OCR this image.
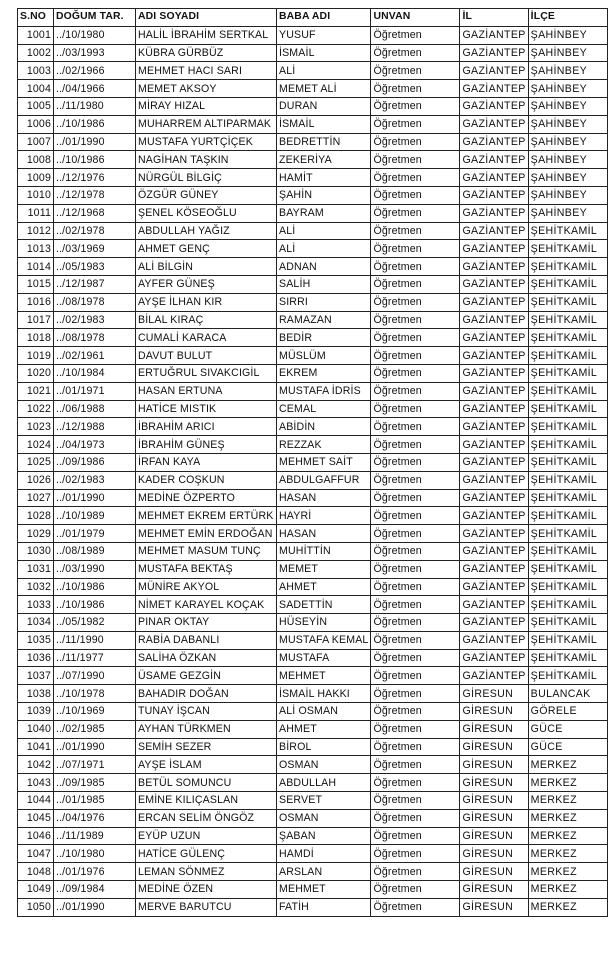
S.NO	DOĞUM TAR.	ADI SOYADI	BABA ADI	UNVAN	İL	İLÇE
1001	../10/1980	HALİL İBRAHİM SERTKAL	YUSUF	Öğretmen	GAZİANTEP	ŞAHİNBEY
1002	../03/1993	KÜBRA GÜRBÜZ	İSMAİL	Öğretmen	GAZİANTEP	ŞAHİNBEY
1003	../02/1966	MEHMET HACI SARI	ALİ	Öğretmen	GAZİANTEP	ŞAHİNBEY
1004	../04/1966	MEMET AKSOY	MEMET ALİ	Öğretmen	GAZİANTEP	ŞAHİNBEY
1005	../11/1980	MİRAY HIZAL	DURAN	Öğretmen	GAZİANTEP	ŞAHİNBEY
1006	../10/1986	MUHARREM ALTIPARMAK	İSMAİL	Öğretmen	GAZİANTEP	ŞAHİNBEY
1007	../01/1990	MUSTAFA YURTÇİÇEK	BEDRETTİN	Öğretmen	GAZİANTEP	ŞAHİNBEY
1008	../10/1986	NAGİHAN TAŞKIN	ZEKERİYA	Öğretmen	GAZİANTEP	ŞAHİNBEY
1009	../12/1976	NÜRGÜL BİLGİÇ	HAMİT	Öğretmen	GAZİANTEP	ŞAHİNBEY
1010	../12/1978	ÖZGÜR GÜNEY	ŞAHİN	Öğretmen	GAZİANTEP	ŞAHİNBEY
1011	../12/1968	ŞENEL KÖSEOĞLU	BAYRAM	Öğretmen	GAZİANTEP	ŞAHİNBEY
1012	../02/1978	ABDULLAH YAĞIZ	ALİ	Öğretmen	GAZİANTEP	ŞEHİTKAMİL
1013	../03/1969	AHMET GENÇ	ALİ	Öğretmen	GAZİANTEP	ŞEHİTKAMİL
1014	../05/1983	ALİ BİLGİN	ADNAN	Öğretmen	GAZİANTEP	ŞEHİTKAMİL
1015	../12/1987	AYFER GÜNEŞ	SALİH	Öğretmen	GAZİANTEP	ŞEHİTKAMİL
1016	../08/1978	AYŞE İLHAN KIR	SIRRI	Öğretmen	GAZİANTEP	ŞEHİTKAMİL
1017	../02/1983	BİLAL KIRAÇ	RAMAZAN	Öğretmen	GAZİANTEP	ŞEHİTKAMİL
1018	../08/1978	CUMALİ KARACA	BEDİR	Öğretmen	GAZİANTEP	ŞEHİTKAMİL
1019	../02/1961	DAVUT BULUT	MÜSLÜM	Öğretmen	GAZİANTEP	ŞEHİTKAMİL
1020	../10/1984	ERTUĞRUL SIVAKCIGİL	EKREM	Öğretmen	GAZİANTEP	ŞEHİTKAMİL
1021	../01/1971	HASAN ERTUNA	MUSTAFA İDRİS	Öğretmen	GAZİANTEP	ŞEHİTKAMİL
1022	../06/1988	HATİCE MISTIK	CEMAL	Öğretmen	GAZİANTEP	ŞEHİTKAMİL
1023	../12/1988	İBRAHİM ARICI	ABİDİN	Öğretmen	GAZİANTEP	ŞEHİTKAMİL
1024	../04/1973	İBRAHİM GÜNEŞ	REZZAK	Öğretmen	GAZİANTEP	ŞEHİTKAMİL
1025	../09/1986	İRFAN KAYA	MEHMET SAİT	Öğretmen	GAZİANTEP	ŞEHİTKAMİL
1026	../02/1983	KADER COŞKUN	ABDULGAFFUR	Öğretmen	GAZİANTEP	ŞEHİTKAMİL
1027	../01/1990	MEDİNE ÖZPERTO	HASAN	Öğretmen	GAZİANTEP	ŞEHİTKAMİL
1028	../10/1989	MEHMET EKREM ERTÜRK	HAYRİ	Öğretmen	GAZİANTEP	ŞEHİTKAMİL
1029	../01/1979	MEHMET EMİN ERDOĞAN	HASAN	Öğretmen	GAZİANTEP	ŞEHİTKAMİL
1030	../08/1989	MEHMET MASUM TUNÇ	MUHİTTİN	Öğretmen	GAZİANTEP	ŞEHİTKAMİL
1031	../03/1990	MUSTAFA BEKTAŞ	MEMET	Öğretmen	GAZİANTEP	ŞEHİTKAMİL
1032	../10/1986	MÜNİRE AKYOL	AHMET	Öğretmen	GAZİANTEP	ŞEHİTKAMİL
1033	../10/1986	NİMET KARAYEL KOÇAK	SADETTİN	Öğretmen	GAZİANTEP	ŞEHİTKAMİL
1034	../05/1982	PINAR OKTAY	HÜSEYİN	Öğretmen	GAZİANTEP	ŞEHİTKAMİL
1035	../11/1990	RABİA DABANLI	MUSTAFA KEMAL	Öğretmen	GAZİANTEP	ŞEHİTKAMİL
1036	../11/1977	SALİHA ÖZKAN	MUSTAFA	Öğretmen	GAZİANTEP	ŞEHİTKAMİL
1037	../07/1990	ÜSAME GEZGİN	MEHMET	Öğretmen	GAZİANTEP	ŞEHİTKAMİL
1038	../10/1978	BAHADIR DOĞAN	İSMAİL HAKKI	Öğretmen	GİRESUN	BULANCAK
1039	../10/1969	TUNAY İŞCAN	ALİ OSMAN	Öğretmen	GİRESUN	GÖRELE
1040	../02/1985	AYHAN TÜRKMEN	AHMET	Öğretmen	GİRESUN	GÜCE
1041	../01/1990	SEMİH SEZER	BİROL	Öğretmen	GİRESUN	GÜCE
1042	../07/1971	AYŞE İSLAM	OSMAN	Öğretmen	GİRESUN	MERKEZ
1043	../09/1985	BETÜL SOMUNCU	ABDULLAH	Öğretmen	GİRESUN	MERKEZ
1044	../01/1985	EMİNE KILIÇASLAN	SERVET	Öğretmen	GİRESUN	MERKEZ
1045	../04/1976	ERCAN SELİM ÖNGÖZ	OSMAN	Öğretmen	GİRESUN	MERKEZ
1046	../11/1989	EYÜP UZUN	ŞABAN	Öğretmen	GİRESUN	MERKEZ
1047	../10/1980	HATİCE GÜLENÇ	HAMDİ	Öğretmen	GİRESUN	MERKEZ
1048	../01/1976	LEMAN SÖNMEZ	ARSLAN	Öğretmen	GİRESUN	MERKEZ
1049	../09/1984	MEDİNE ÖZEN	MEHMET	Öğretmen	GİRESUN	MERKEZ
1050	../01/1990	MERVE BARUTCU	FATİH	Öğretmen	GİRESUN	MERKEZ
